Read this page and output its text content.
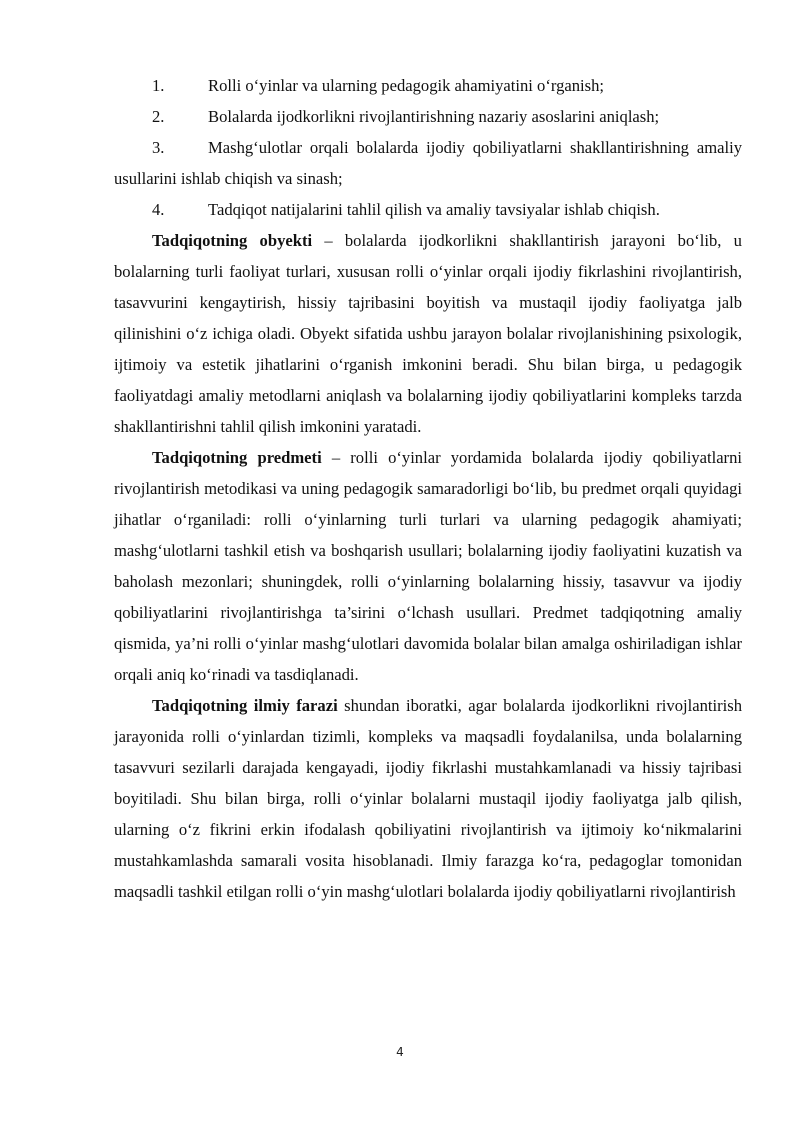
1.	Rolli o‘yinlar va ularning pedagogik ahamiyatini o‘rganish;

2.	Bolalarda ijodkorlikni rivojlantirishning nazariy asoslarini aniqlash;

3.	Mashg‘ulotlar orqali bolalarda ijodiy qobiliyatlarni shakllantirishning amaliy usullarini ishlab chiqish va sinash;

4.	Tadqiqot natijalarini tahlil qilish va amaliy tavsiyalar ishlab chiqish.

Tadqiqotning obyekti – bolalarda ijodkorlikni shakllantirish jarayoni bo‘lib, u bolalarning turli faoliyat turlari, xususan rolli o‘yinlar orqali ijodiy fikrlashini rivojlantirish, tasavvurini kengaytirish, hissiy tajribasini boyitish va mustaqil ijodiy faoliyatga jalb qilinishini o‘z ichiga oladi. Obyekt sifatida ushbu jarayon bolalar rivojlanishining psixologik, ijtimoiy va estetik jihatlarini o‘rganish imkonini beradi. Shu bilan birga, u pedagogik faoliyatdagi amaliy metodlarni aniqlash va bolalarning ijodiy qobiliyatlarini kompleks tarzda shakllantirishni tahlil qilish imkonini yaratadi.

Tadqiqotning predmeti – rolli o‘yinlar yordamida bolalarda ijodiy qobiliyatlarni rivojlantirish metodikasi va uning pedagogik samaradorligi bo‘lib, bu predmet orqali quyidagi jihatlar o‘rganiladi: rolli o‘yinlarning turli turlari va ularning pedagogik ahamiyati; mashg‘ulotlarni tashkil etish va boshqarish usullari; bolalarning ijodiy faoliyatini kuzatish va baholash mezonlari; shuningdek, rolli o‘yinlarning bolalarning hissiy, tasavvur va ijodiy qobiliyatlarini rivojlantirishga ta’sirini o‘lchash usullari. Predmet tadqiqotning amaliy qismida, ya’ni rolli o‘yinlar mashg‘ulotlari davomida bolalar bilan amalga oshiriladigan ishlar orqali aniq ko‘rinadi va tasdiqlanadi.

Tadqiqotning ilmiy farazi shundan iboratki, agar bolalarda ijodkorlikni rivojlantirish jarayonida rolli o‘yinlardan tizimli, kompleks va maqsadli foydalanilsa, unda bolalarning tasavvuri sezilarli darajada kengayadi, ijodiy fikrlashi mustahkamlanadi va hissiy tajribasi boyitiladi. Shu bilan birga, rolli o‘yinlar bolalarni mustaqil ijodiy faoliyatga jalb qilish, ularning o‘z fikrini erkin ifodalash qobiliyatini rivojlantirish va ijtimoiy ko‘nikmalarini mustahkamlashda samarali vosita hisoblanadi. Ilmiy farazga ko‘ra, pedagoglar tomonidan maqsadli tashkil etilgan rolli o‘yin mashg‘ulotlari bolalarda ijodiy qobiliyatlarni rivojlantirish

4
